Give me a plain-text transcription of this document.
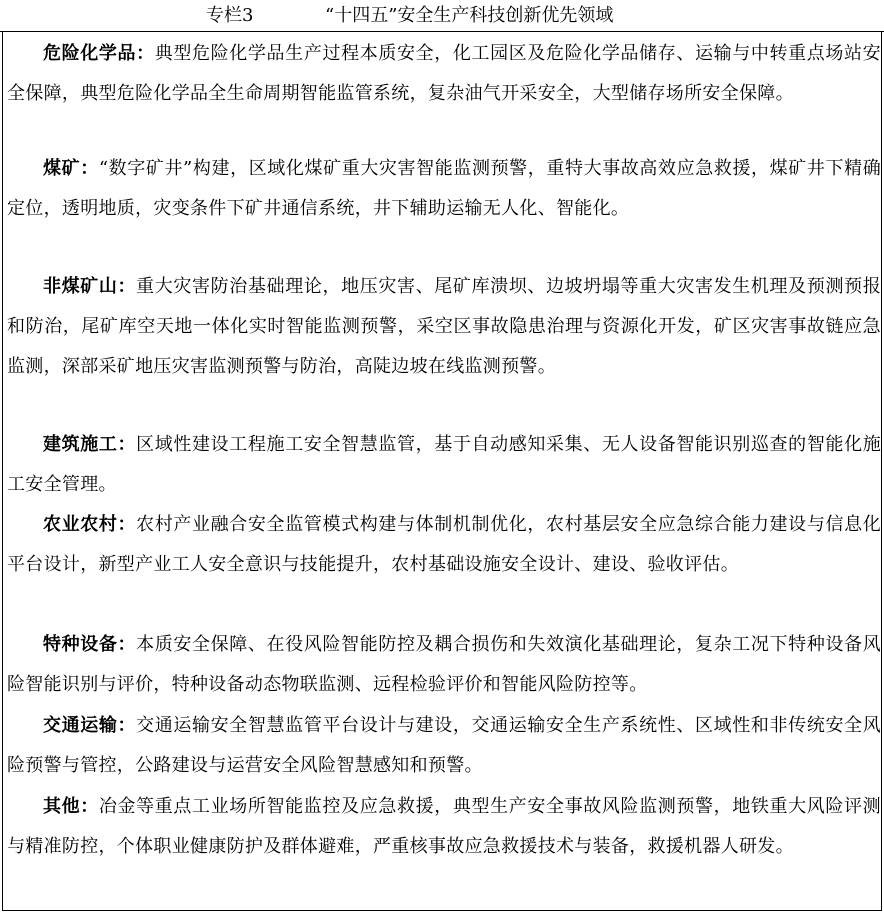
专栏3	“十四五”安全生产科技创新优先领域

危险化学品：典型危险化学品生产过程本质安全，化工园区及危险化学品储存、运输与中转重点场站安全保障，典型危险化学品全生命周期智能监管系统，复杂油气开采安全，大型储存场所安全保障。

煤矿：“数字矿井”构建，区域化煤矿重大灾害智能监测预警，重特大事故高效应急救援，煤矿井下精确定位，透明地质，灾变条件下矿井通信系统，井下辅助运输无人化、智能化。

非煤矿山：重大灾害防治基础理论，地压灾害、尾矿库溃坝、边坡坍塌等重大灾害发生机理及预测预报和防治，尾矿库空天地一体化实时智能监测预警，采空区事故隐患治理与资源化开发，矿区灾害事故链应急监测，深部采矿地压灾害监测预警与防治，高陡边坡在线监测预警。

建筑施工：区域性建设工程施工安全智慧监管，基于自动感知采集、无人设备智能识别巡查的智能化施工安全管理。

农业农村：农村产业融合安全监管模式构建与体制机制优化，农村基层安全应急综合能力建设与信息化平台设计，新型产业工人安全意识与技能提升，农村基础设施安全设计、建设、验收评估。

特种设备：本质安全保障、在役风险智能防控及耦合损伤和失效演化基础理论，复杂工况下特种设备风险智能识别与评价，特种设备动态物联监测、远程检验评价和智能风险防控等。

交通运输：交通运输安全智慧监管平台设计与建设，交通运输安全生产系统性、区域性和非传统安全风险预警与管控，公路建设与运营安全风险智慧感知和预警。

其他：冶金等重点工业场所智能监控及应急救援，典型生产安全事故风险监测预警，地铁重大风险评测与精准防控，个体职业健康防护及群体避难，严重核事故应急救援技术与装备，救援机器人研发。
